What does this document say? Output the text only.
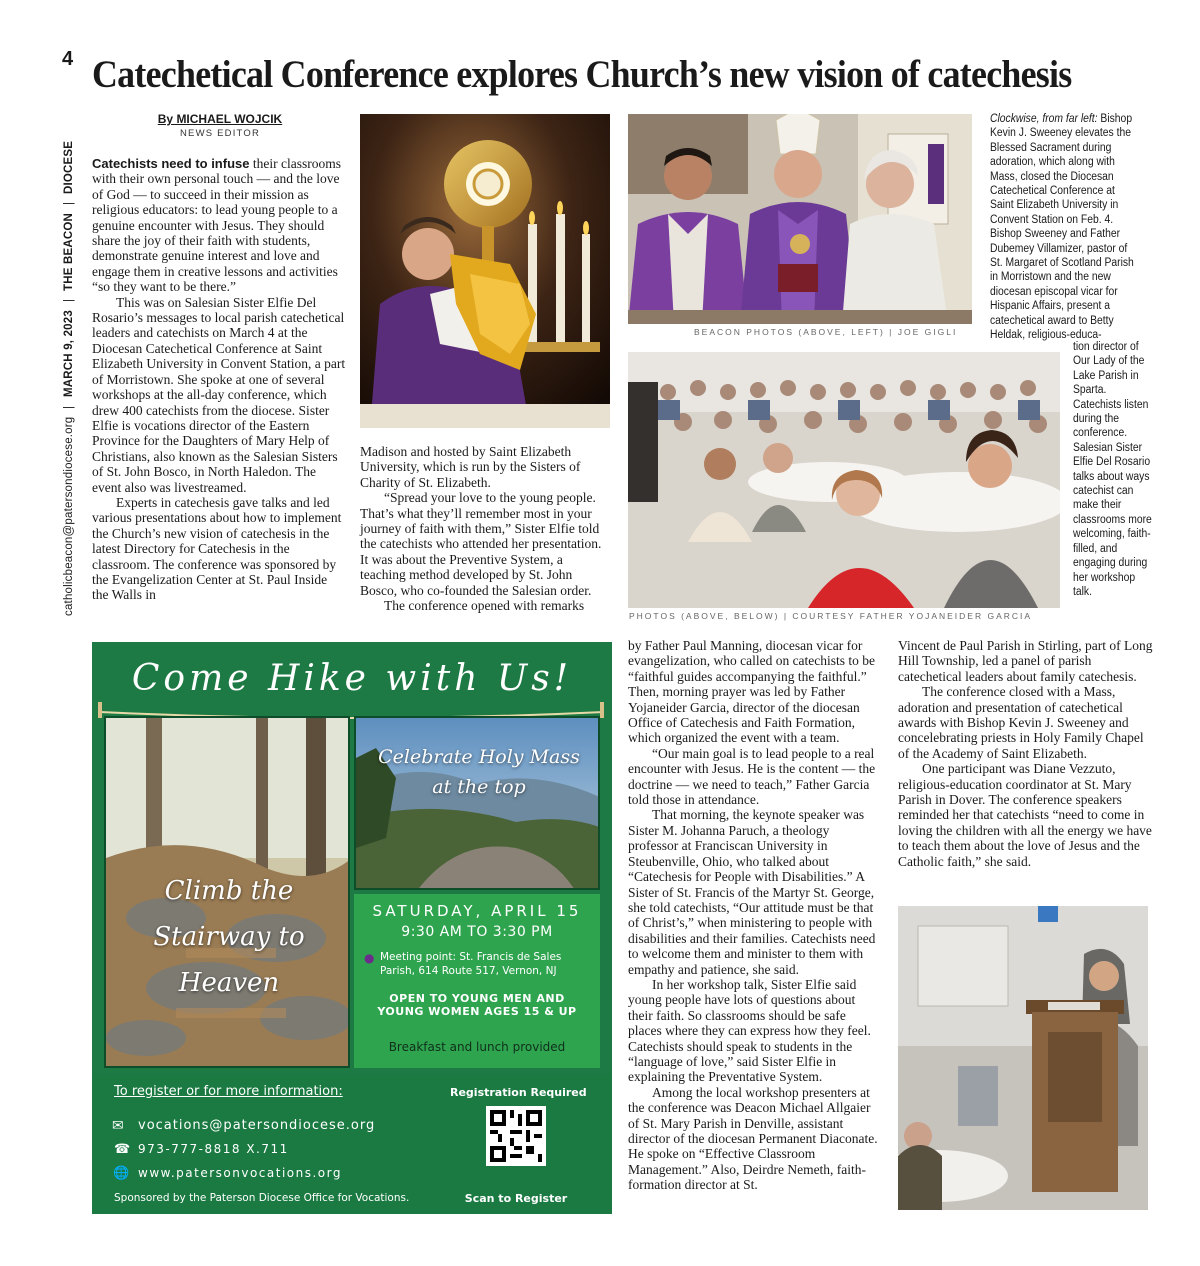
4
catholicbeacon@patersondiocese.org
|
MARCH 9, 2023
|
THE BEACON
|
DIOCESE
Catechetical Conference explores Church’s new vision of catechesis
By MICHAEL WOJCIK
NEWS EDITOR

Catechists need to infuse their classrooms with their own personal touch — and the love of God — to succeed in their mission as religious educators: to lead young people to a genuine encounter with Jesus. They should share the joy of their faith with students, demonstrate genuine interest and love and engage them in creative lessons and activities “so they want to be there.”

This was on Salesian Sister Elfie Del Rosario’s messages to local parish catechetical leaders and catechists on March 4 at the Diocesan Catechetical Conference at Saint Elizabeth University in Convent Station, a part of Morristown. She spoke at one of several workshops at the all-day conference, which drew 400 catechists from the diocese. Sister Elfie is vocations director of the Eastern Province for the Daughters of Mary Help of Christians, also known as the Salesian Sisters of St. John Bosco, in North Haledon. The event also was livestreamed.

Experts in catechesis gave talks and led various presentations about how to implement the Church’s new vision of catechesis in the latest Directory for Catechesis in the classroom. The conference was sponsored by the Evangelization Center at St. Paul Inside the Walls in

Madison and hosted by Saint Elizabeth University, which is run by the Sisters of Charity of St. Elizabeth.

“Spread your love to the young people. That’s what they’ll remember most in your journey of faith with them,” Sister Elfie told the catechists who attended her presentation. It was about the Preventive System, a teaching method developed by St. John Bosco, who co-founded the Salesian order.

The conference opened with remarks

BEACON PHOTOS (ABOVE, LEFT) | JOE GIGLI
Clockwise, from far left: Bishop Kevin J. Sweeney elevates the Blessed Sacrament during adoration, which along with Mass, closed the Diocesan Catechetical Conference at Saint Elizabeth University in Convent Station on Feb. 4. Bishop Sweeney and Father Dubemey Villamizer, pastor of St. Margaret of Scotland Parish in Morristown and the new diocesan episcopal vicar for Hispanic Affairs, present a catechetical award to Betty Heldak, religious-educa-
tion director of Our Lady of the Lake Parish in Sparta. Catechists listen during the conference. Salesian Sister Elfie Del Rosario talks about ways catechist can make their classrooms more welcoming, faith-filled, and engaging during her workshop talk.
PHOTOS (ABOVE, BELOW) | COURTESY FATHER YOJANEIDER GARCIA

by Father Paul Manning, diocesan vicar for evangelization, who called on catechists to be “faithful guides accompanying the faithful.” Then, morning prayer was led by Father Yojaneider Garcia, director of the diocesan Office of Catechesis and Faith Formation, which organized the event with a team.

“Our main goal is to lead people to a real encounter with Jesus. He is the content — the doctrine — we need to teach,” Father Garcia told those in attendance.

That morning, the keynote speaker was Sister M. Johanna Paruch, a theology professor at Franciscan University in Steubenville, Ohio, who talked about “Catechesis for People with Disabilities.” A Sister of St. Francis of the Martyr St. George, she told catechists, “Our attitude must be that of Christ’s,” when ministering to people with disabilities and their families. Catechists need to welcome them and minister to them with empathy and patience, she said.

In her workshop talk, Sister Elfie said young people have lots of questions about their faith. So classrooms should be safe places where they can express how they feel. Catechists should speak to students in the “language of love,” said Sister Elfie in explaining the Preventative System.

Among the local workshop presenters at the conference was Deacon Michael Allgaier of St. Mary Parish in Denville, assistant director of the diocesan Permanent Diaconate. He spoke on “Effective Classroom Management.” Also, Deirdre Nemeth, faith-formation director at St.

Vincent de Paul Parish in Stirling, part of Long Hill Township, led a panel of parish catechetical leaders about family catechesis.

The conference closed with a Mass, adoration and presentation of catechetical awards with Bishop Kevin J. Sweeney and concelebrating priests in Holy Family Chapel of the Academy of Saint Elizabeth.

One participant was Diane Vezzuto, religious-education coordinator at St. Mary Parish in Dover. The conference speakers reminded her that catechists “need to come in loving the children with all the energy we have to teach them about the love of Jesus and the Catholic faith,” she said.

Come Hike with Us!
Climb the Stairway to Heaven
Celebrate Holy Mass at the top
SATURDAY, APRIL 15
9:30 AM TO 3:30 PM
● Meeting point: St. Francis de Sales Parish, 614 Route 517, Vernon, NJ
OPEN TO YOUNG MEN AND YOUNG WOMEN AGES 15 & UP
Breakfast and lunch provided
To register or for more information:	Registration Required
✉ vocations@patersondiocese.org
☎ 973-777-8818 X.711
🌐 www.patersonvocations.org
Sponsored by the Paterson Diocese Office for Vocations.	Scan to Register
